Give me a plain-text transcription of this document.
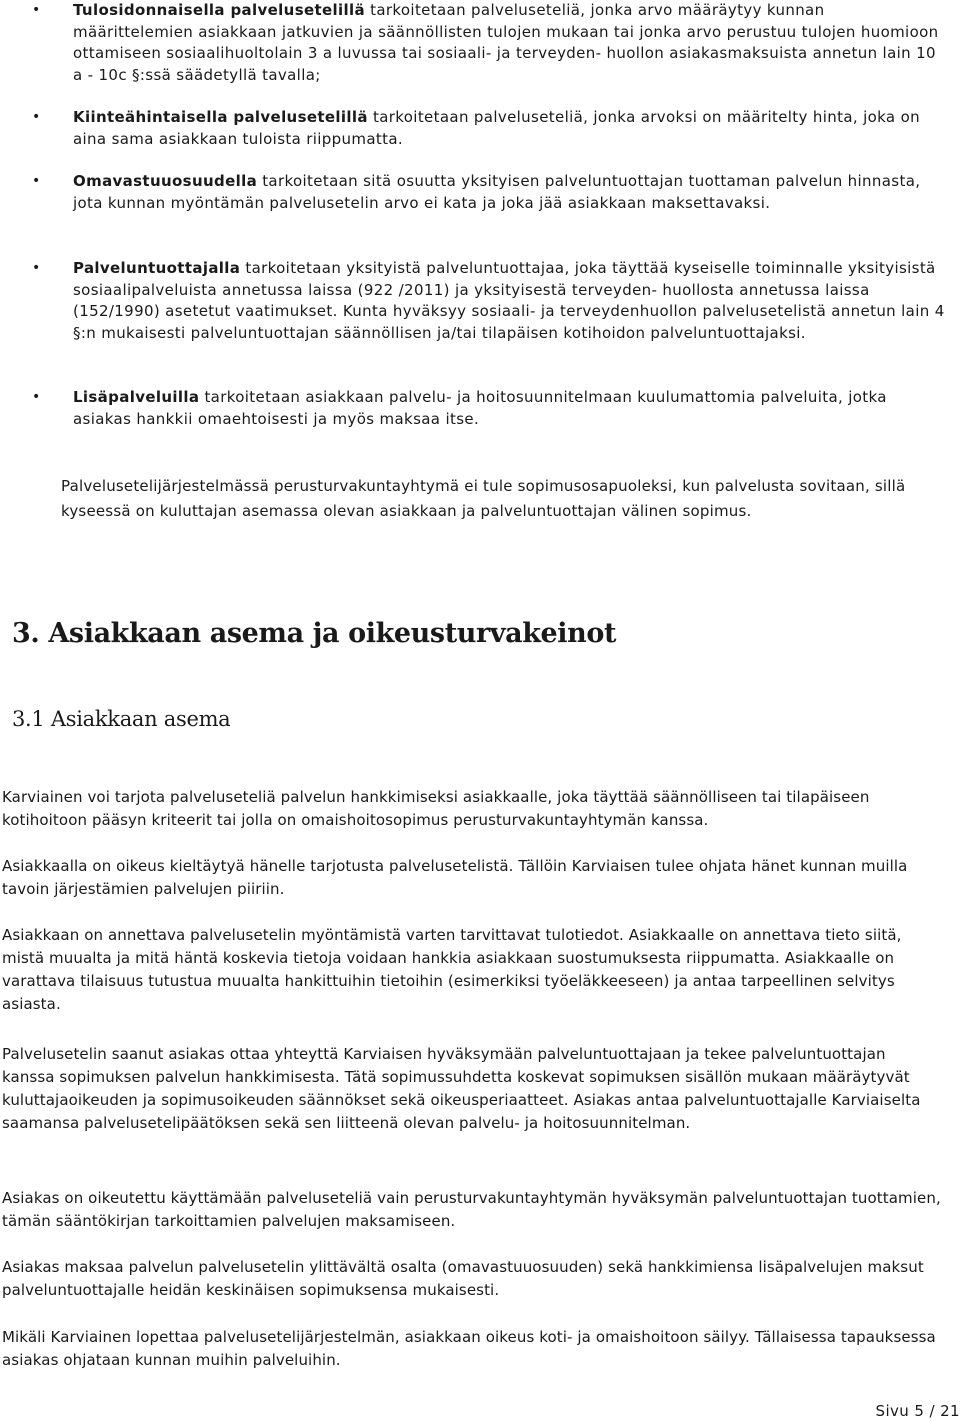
• Tulosidonnaisella palvelusetelillä tarkoitetaan palveluseteliä, jonka arvo määräytyy kunnan määrittelemien asiakkaan jatkuvien ja säännöllisten tulojen mukaan tai jonka arvo perustuu tulojen huomioon ottamiseen sosiaalihuoltolain 3 a luvussa tai sosiaali- ja terveyden- huollon asiakasmaksuista annetun lain 10 a - 10c §:ssä säädetyllä tavalla;

• Kiinteähintaisella palvelusetelillä tarkoitetaan palveluseteliä, jonka arvoksi on määritelty hinta, joka on aina sama asiakkaan tuloista riippumatta.

• Omavastuuosuudella tarkoitetaan sitä osuutta yksityisen palveluntuottajan tuottaman palvelun hinnasta, jota kunnan myöntämän palvelusetelin arvo ei kata ja joka jää asiakkaan maksettavaksi.

• Palveluntuottajalla tarkoitetaan yksityistä palveluntuottajaa, joka täyttää kyseiselle toiminnalle yksityisistä sosiaalipalveluista annetussa laissa (922 /2011) ja yksityisestä terveyden- huollosta annetussa laissa (152/1990) asetetut vaatimukset. Kunta hyväksyy sosiaali- ja terveydenhuollon palvelusetelistä annetun lain 4 §:n mukaisesti palveluntuottajan säännöllisen ja/tai tilapäisen kotihoidon palveluntuottajaksi.

• Lisäpalveluilla tarkoitetaan asiakkaan palvelu- ja hoitosuunnitelmaan kuulumattomia palveluita, jotka asiakas hankkii omaehtoisesti ja myös maksaa itse.

Palvelusetelijärjestelmässä perusturvakuntayhtymä ei tule sopimusosapuoleksi, kun palvelusta sovitaan, sillä kyseessä on kuluttajan asemassa olevan asiakkaan ja palveluntuottajan välinen sopimus.

3. Asiakkaan asema ja oikeusturvakeinot
3.1 Asiakkaan asema

Karviainen voi tarjota palveluseteliä palvelun hankkimiseksi asiakkaalle, joka täyttää säännölliseen tai tilapäiseen kotihoitoon pääsyn kriteerit tai jolla on omaishoitosopimus perusturvakuntayhtymän kanssa.

Asiakkaalla on oikeus kieltäytyä hänelle tarjotusta palvelusetelistä. Tällöin Karviaisen tulee ohjata hänet kunnan muilla tavoin järjestämien palvelujen piiriin.

Asiakkaan on annettava palvelusetelin myöntämistä varten tarvittavat tulotiedot. Asiakkaalle on annettava tieto siitä, mistä muualta ja mitä häntä koskevia tietoja voidaan hankkia asiakkaan suostumuksesta riippumatta. Asiakkaalle on varattava tilaisuus tutustua muualta hankittuihin tietoihin (esimerkiksi työeläkkeeseen) ja antaa tarpeellinen selvitys asiasta.

Palvelusetelin saanut asiakas ottaa yhteyttä Karviaisen hyväksymään palveluntuottajaan ja tekee palveluntuottajan kanssa sopimuksen palvelun hankkimisesta. Tätä sopimussuhdetta koskevat sopimuksen sisällön mukaan määräytyvät kuluttajaoikeuden ja sopimusoikeuden säännökset sekä oikeusperiaatteet. Asiakas antaa palveluntuottajalle Karviaiselta saamansa palvelusetelipäätöksen sekä sen liitteenä olevan palvelu- ja hoitosuunnitelman.

Asiakas on oikeutettu käyttämään palveluseteliä vain perusturvakuntayhtymän hyväksymän palveluntuottajan tuottamien, tämän sääntökirjan tarkoittamien palvelujen maksamiseen.

Asiakas maksaa palvelun palvelusetelin ylittävältä osalta (omavastuuosuuden) sekä hankkimiensa lisäpalvelujen maksut palveluntuottajalle heidän keskinäisen sopimuksensa mukaisesti.

Mikäli Karviainen lopettaa palvelusetelijärjestelmän, asiakkaan oikeus koti- ja omaishoitoon säilyy. Tällaisessa tapauksessa asiakas ohjataan kunnan muihin palveluihin.

Sivu 5 / 21
